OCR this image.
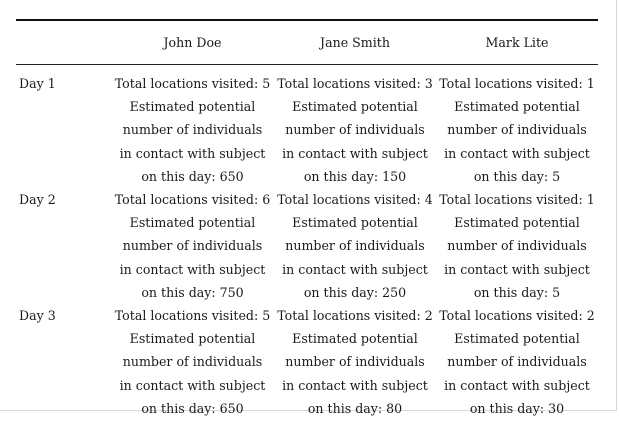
	John Doe	Jane Smith	Mark Lite
Day 1	Total locations visited: 5
Estimated potential
number of individuals
in contact with subject
on this day: 650	Total locations visited: 3
Estimated potential
number of individuals
in contact with subject
on this day: 150	Total locations visited: 1
Estimated potential
number of individuals
in contact with subject
on this day: 5
Day 2	Total locations visited: 6
Estimated potential
number of individuals
in contact with subject
on this day: 750	Total locations visited: 4
Estimated potential
number of individuals
in contact with subject
on this day: 250	Total locations visited: 1
Estimated potential
number of individuals
in contact with subject
on this day: 5
Day 3	Total locations visited: 5
Estimated potential
number of individuals
in contact with subject
on this day: 650	Total locations visited: 2
Estimated potential
number of individuals
in contact with subject
on this day: 80	Total locations visited: 2
Estimated potential
number of individuals
in contact with subject
on this day: 30
